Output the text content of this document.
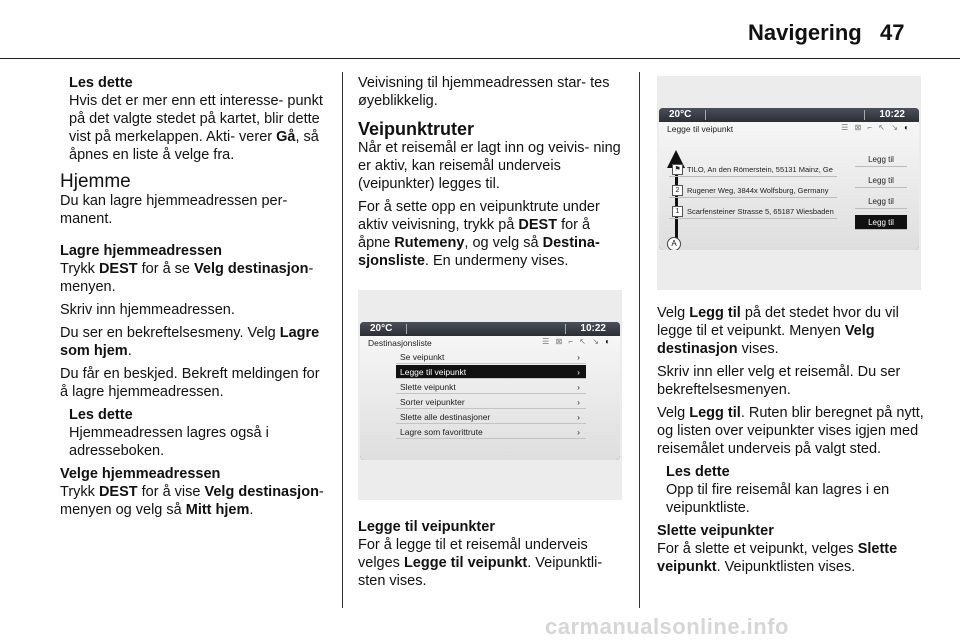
Navigering 47
Les dette
Hvis det er mer enn ett interesse- punkt på det valgte stedet på kartet, blir dette vist på merkelappen. Akti- verer Gå, så åpnes en liste å velge fra.
Hjemme
Du kan lagre hjemmeadressen per- manent.
Lagre hjemmeadressen
Trykk DEST for å se Velg destinasjon-menyen.
Skriv inn hjemmeadressen.
Du ser en bekreftelsesmeny. Velg Lagre som hjem.
Du får en beskjed. Bekreft meldingen for å lagre hjemmeadressen.
Les dette
Hjemmeadressen lagres også i adresseboken.
Velge hjemmeadressen
Trykk DEST for å vise Velg destinasjon-menyen og velg så Mitt hjem.
Veivisning til hjemmeadressen star- tes øyeblikkelig.
Veipunktruter
Når et reisemål er lagt inn og veivis- ning er aktiv, kan reisemål underveis (veipunkter) legges til.
For å sette opp en veipunktrute under aktiv veivisning, trykk på DEST for å åpne Rutemeny, og velg så Destina- sjonsliste. En undermeny vises.
20°C	10:22
Destinasjonsliste	☰ ⊠ ⌐ ↖ ↘ ◐
Se veipunkt	›
Legge til veipunkt	›
Slette veipunkt	›
Sorter veipunkter	›
Slette alle destinasjoner	›
Lagre som favorittrute	›
Legge til veipunkter
For å legge til et reisemål underveis velges Legge til veipunkt. Veipunktli- sten vises.
20°C	10:22
Legge til veipunkt	☰ ⊠ ⌐ ↖ ↘ ◐
⚑ TILO, An den Römerstein, 55131 Mainz, Ge
2	Rugener Weg, 3844x Wolfsburg, Germany
1	Scarfensteiner Strasse 5, 65187 Wiesbaden
Legg til
Legg til
Legg til
Legg til
A
Velg Legg til på det stedet hvor du vil legge til et veipunkt. Menyen Velg destinasjon vises.
Skriv inn eller velg et reisemål. Du ser bekreftelsesmenyen.
Velg Legg til. Ruten blir beregnet på nytt, og listen over veipunkter vises igjen med reisemålet underveis på valgt sted.
Les dette
Opp til fire reisemål kan lagres i en veipunktliste.
Slette veipunkter
For å slette et veipunkt, velges Slette veipunkt. Veipunktlisten vises.
carmanualsonline.info
